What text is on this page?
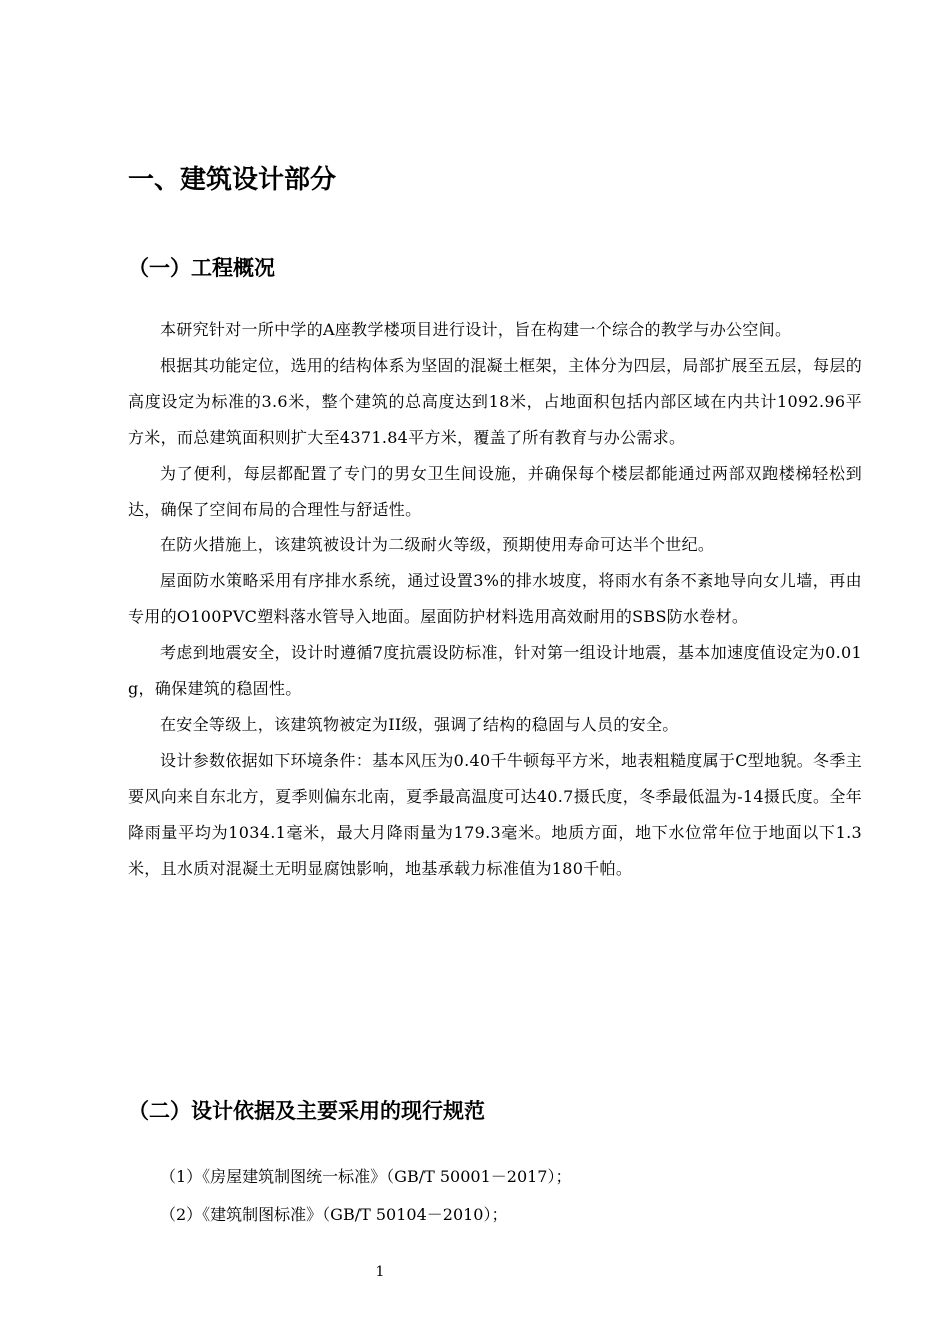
一、建筑设计部分
（一）工程概况

本研究针对一所中学的A座教学楼项目进行设计，旨在构建一个综合的教学与办公空间。

根据其功能定位，选用的结构体系为坚固的混凝土框架，主体分为四层，局部扩展至五层，每层的高度设定为标准的3.6米，整个建筑的总高度达到18米，占地面积包括内部区域在内共计1092.96平方米，而总建筑面积则扩大至4371.84平方米，覆盖了所有教育与办公需求。

为了便利，每层都配置了专门的男女卫生间设施，并确保每个楼层都能通过两部双跑楼梯轻松到达，确保了空间布局的合理性与舒适性。

在防火措施上，该建筑被设计为二级耐火等级，预期使用寿命可达半个世纪。

屋面防水策略采用有序排水系统，通过设置3%的排水坡度，将雨水有条不紊地导向女儿墙，再由专用的O100PVC塑料落水管导入地面。屋面防护材料选用高效耐用的SBS防水卷材。

考虑到地震安全，设计时遵循7度抗震设防标准，针对第一组设计地震，基本加速度值设定为0.01g，确保建筑的稳固性。

在安全等级上，该建筑物被定为II级，强调了结构的稳固与人员的安全。

设计参数依据如下环境条件：基本风压为0.40千牛顿每平方米，地表粗糙度属于C型地貌。冬季主要风向来自东北方，夏季则偏东北南，夏季最高温度可达40.7摄氏度，冬季最低温为-14摄氏度。全年降雨量平均为1034.1毫米，最大月降雨量为179.3毫米。地质方面，地下水位常年位于地面以下1.3米，且水质对混凝土无明显腐蚀影响，地基承载力标准值为180千帕。

（二）设计依据及主要采用的现行规范

（1）《房屋建筑制图统一标准》（GB/T 50001－2017）；

（2）《建筑制图标准》（GB/T 50104－2010）；

1
